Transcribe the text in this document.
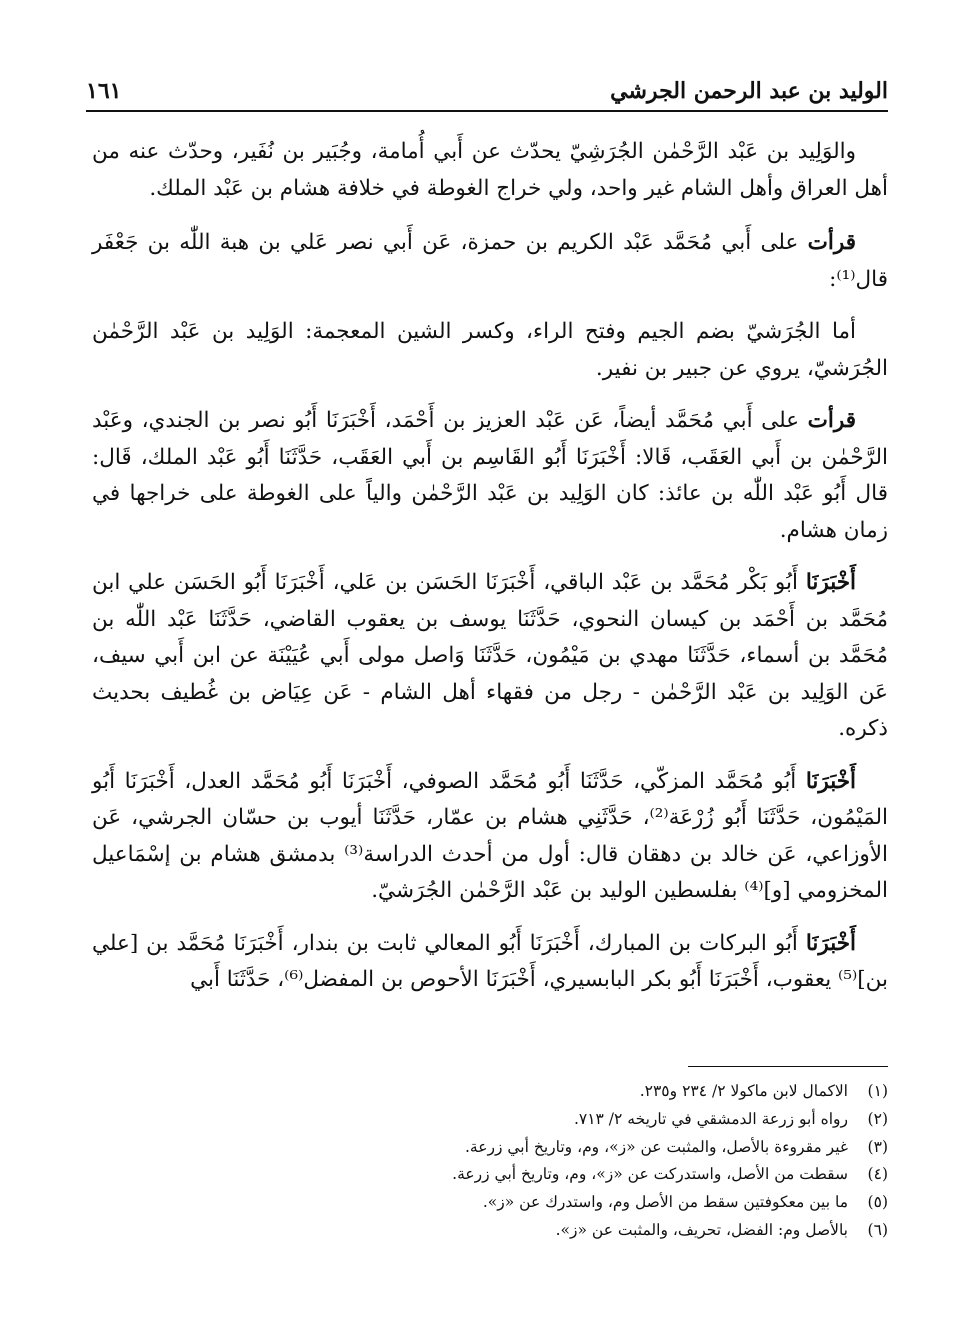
الوليد بن عبد الرحمن الجرشي
١٦١

والوَلِيد بن عَبْد الرَّحْمٰن الجُرَشِيّ يحدّث عن أَبي أُمامة، وجُبَير بن نُفَير، وحدّث عنه من أهل العراق وأهل الشام غير واحد، ولي خراج الغوطة في خلافة هشام بن عَبْد الملك.

قرأت على أَبي مُحَمَّد عَبْد الكريم بن حمزة، عَن أَبي نصر عَلي بن هبة اللّٰه بن جَعْفَر قال⁽¹⁾:

أما الجُرَشيّ بضم الجيم وفتح الراء، وكسر الشين المعجمة: الوَلِيد بن عَبْد الرَّحْمٰن الجُرَشيّ، يروي عن جبير بن نفير.

قرأت على أَبي مُحَمَّد أيضاً، عَن عَبْد العزيز بن أَحْمَد، أَخْبَرَنَا أَبُو نصر بن الجندي، وعَبْد الرَّحْمٰن بن أَبي العَقَب، قَالا: أَخْبَرَنَا أَبُو القَاسِم بن أَبي العَقَب، حَدَّثَنَا أَبُو عَبْد الملك، قَال: قال أَبُو عَبْد اللّٰه بن عائذ: كان الوَلِيد بن عَبْد الرَّحْمٰن والياً على الغوطة على خراجها في زمان هشام.

أَخْبَرَنَا أَبُو بَكْر مُحَمَّد بن عَبْد الباقي، أَخْبَرَنَا الحَسَن بن عَلي، أَخْبَرَنَا أَبُو الحَسَن علي ابن مُحَمَّد بن أَحْمَد بن كيسان النحوي، حَدَّثَنَا يوسف بن يعقوب القاضي، حَدَّثَنَا عَبْد اللّٰه بن مُحَمَّد بن أسماء، حَدَّثَنَا مهدي بن مَيْمُون، حَدَّثَنَا وَاصل مولى أَبي عُيَيْنَة عن ابن أَبي سيف، عَن الوَلِيد بن عَبْد الرَّحْمٰن - رجل من فقهاء أهل الشام - عَن عِيَاض بن غُطيف بحديث ذكره.

أَخْبَرَنَا أَبُو مُحَمَّد المزكّي، حَدَّثَنَا أَبُو مُحَمَّد الصوفي، أَخْبَرَنَا أَبُو مُحَمَّد العدل، أَخْبَرَنَا أَبُو المَيْمُون، حَدَّثَنَا أَبُو زُرْعَة⁽²⁾، حَدَّثَنِي هشام بن عمّار، حَدَّثَنَا أيوب بن حسّان الجرشي، عَن الأوزاعي، عَن خالد بن دهقان قال: أول من أحدث الدراسة⁽³⁾ بدمشق هشام بن إسْمَاعيل المخزومي [و]⁽⁴⁾ بفلسطين الوليد بن عَبْد الرَّحْمٰن الجُرَشيّ.

أَخْبَرَنَا أَبُو البركات بن المبارك، أَخْبَرَنَا أَبُو المعالي ثابت بن بندار، أَخْبَرَنَا مُحَمَّد بن [علي بن]⁽⁵⁾ يعقوب، أَخْبَرَنَا أَبُو بكر البابسيري، أَخْبَرَنَا الأحوص بن المفضل⁽⁶⁾، حَدَّثَنَا أَبي

(١)
الاكمال لابن ماكولا ٢/ ٢٣٤ و٢٣٥.
(٢)
رواه أبو زرعة الدمشقي في تاريخه ٢/ ٧١٣.
(٣)
غير مقروءة بالأصل، والمثبت عن «ز»، وم، وتاريخ أبي زرعة.
(٤)
سقطت من الأصل، واستدركت عن «ز»، وم، وتاريخ أبي زرعة.
(٥)
ما بين معكوفتين سقط من الأصل وم، واستدرك عن «ز».
(٦)
بالأصل وم: الفضل، تحريف، والمثبت عن «ز».
